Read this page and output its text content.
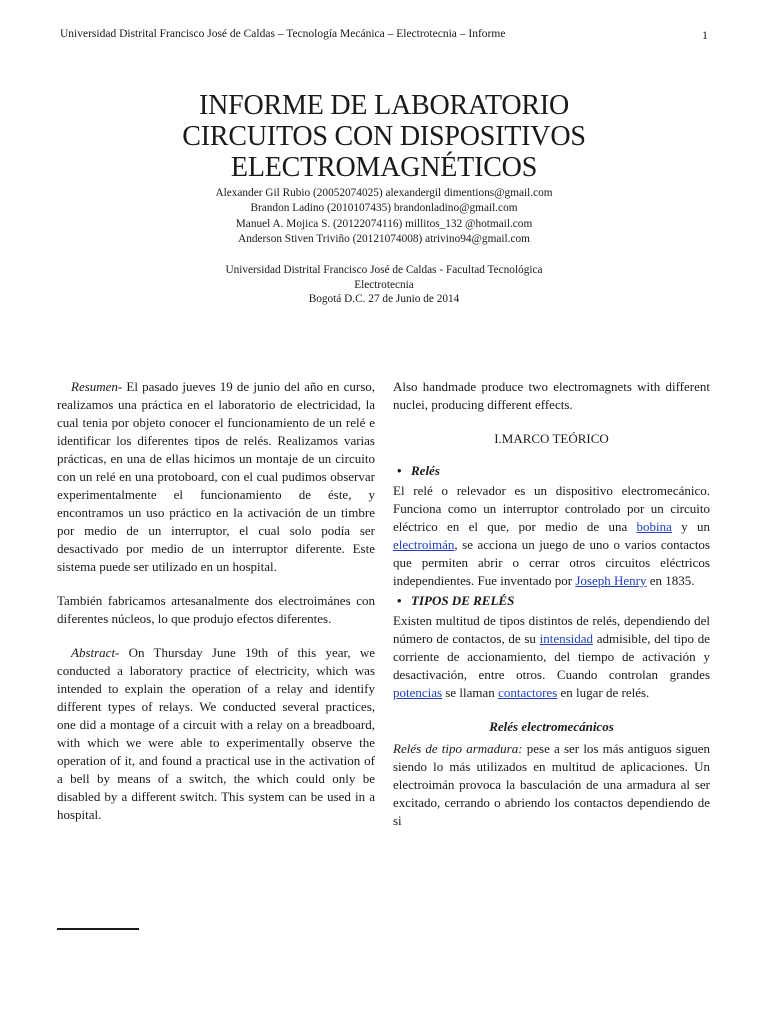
Universidad Distrital Francisco José de Caldas – Tecnología Mecánica – Electrotecnia – Informe	1
INFORME DE LABORATORIO
CIRCUITOS CON DISPOSITIVOS
ELECTROMAGNÉTICOS
Alexander Gil Rubio (20052074025) alexandergil dimentions@gmail.com
Brandon Ladino (2010107435) brandonladino@gmail.com
Manuel A. Mojica S. (20122074116) millitos_132 @hotmail.com
Anderson Stiven Triviño (20121074008) atrivino94@gmail.com
Universidad Distrital Francisco José de Caldas - Facultad Tecnológica
Electrotecnia
Bogotá D.C. 27 de Junio de 2014

Resumen- El pasado jueves 19 de junio del año en curso, realizamos una práctica en el laboratorio de electricidad, la cual tenia por objeto conocer el funcionamiento de un relé e identificar los diferentes tipos de relés. Realizamos varias prácticas, en una de ellas hicimos un montaje de un circuito con un relé en una protoboard, con el cual pudimos observar experimentalmente el funcionamiento de éste, y encontramos un uso práctico en la activación de un timbre por medio de un interruptor, el cual solo podía ser desactivado por medio de un interruptor diferente. Este sistema puede ser utilizado en un hospital.

También fabricamos artesanalmente dos electroimánes con diferentes núcleos, lo que produjo efectos diferentes.

Abstract- On Thursday June 19th of this year, we conducted a laboratory practice of electricity, which was intended to explain the operation of a relay and identify different types of relays. We conducted several practices, one did a montage of a circuit with a relay on a breadboard, with which we were able to experimentally observe the operation of it, and found a practical use in the activation of a bell by means of a switch, the which could only be disabled by a different switch. This system can be used in a hospital.

Also handmade produce two electromagnets with different nuclei, producing different effects.

I.MARCO TEÓRICO
• Relés

El relé o relevador es un dispositivo electromecánico. Funciona como un interruptor controlado por un circuito eléctrico en el que, por medio de una bobina y un electroimán, se acciona un juego de uno o varios contactos que permiten abrir o cerrar otros circuitos eléctricos independientes. Fue inventado por Joseph Henry en 1835.

• TIPOS DE RELÉS

Existen multitud de tipos distintos de relés, dependiendo del número de contactos, de su intensidad admisible, del tipo de corriente de accionamiento, del tiempo de activación y desactivación, entre otros. Cuando controlan grandes potencias se llaman contactores en lugar de relés.

Relés electromecánicos

Relés de tipo armadura: pese a ser los más antiguos siguen siendo lo más utilizados en multitud de aplicaciones. Un electroimán provoca la basculación de una armadura al ser excitado, cerrando o abriendo los contactos dependiendo de si
